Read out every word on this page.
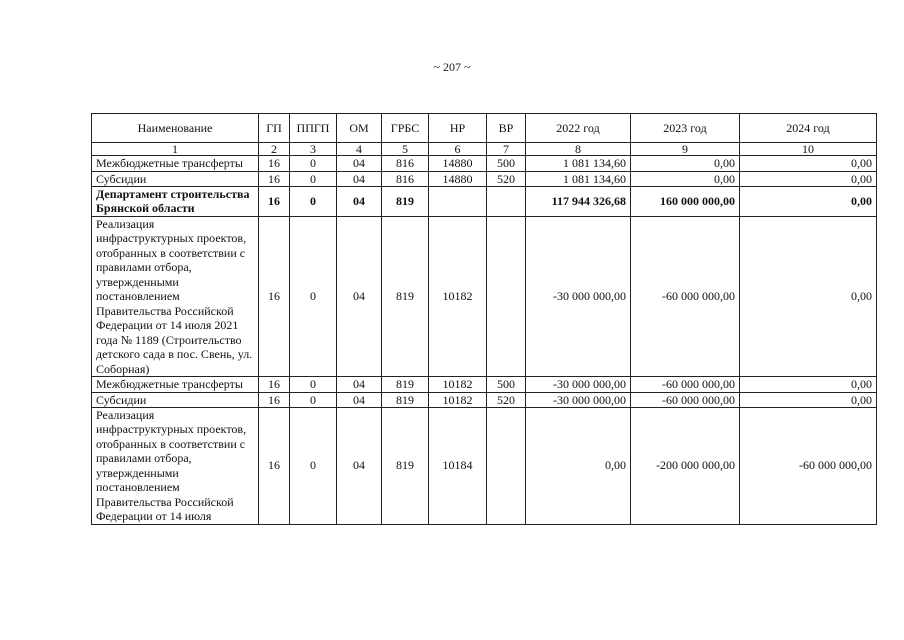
~ 207 ~
Наименование	ГП	ППГП	ОМ	ГРБС	НР	ВР	2022 год	2023 год	2024 год
1	2	3	4	5	6	7	8	9	10
Межбюджетные трансферты	16	0	04	816	14880	500	1 081 134,60	0,00	0,00
Субсидии	16	0	04	816	14880	520	1 081 134,60	0,00	0,00
Департамент строительства Брянской области	16	0	04	819			117 944 326,68	160 000 000,00	0,00
Реализация инфраструктурных проектов, отобранных в соответствии с правилами отбора, утвержденными постановлением Правительства Российской Федерации от 14 июля 2021 года № 1189 (Строительство детского сада в пос. Свень, ул. Соборная)	16	0	04	819	10182		-30 000 000,00	-60 000 000,00	0,00
Межбюджетные трансферты	16	0	04	819	10182	500	-30 000 000,00	-60 000 000,00	0,00
Субсидии	16	0	04	819	10182	520	-30 000 000,00	-60 000 000,00	0,00
Реализация инфраструктурных проектов, отобранных в соответствии с правилами отбора, утвержденными постановлением Правительства Российской Федерации от 14 июля	16	0	04	819	10184		0,00	-200 000 000,00	-60 000 000,00
